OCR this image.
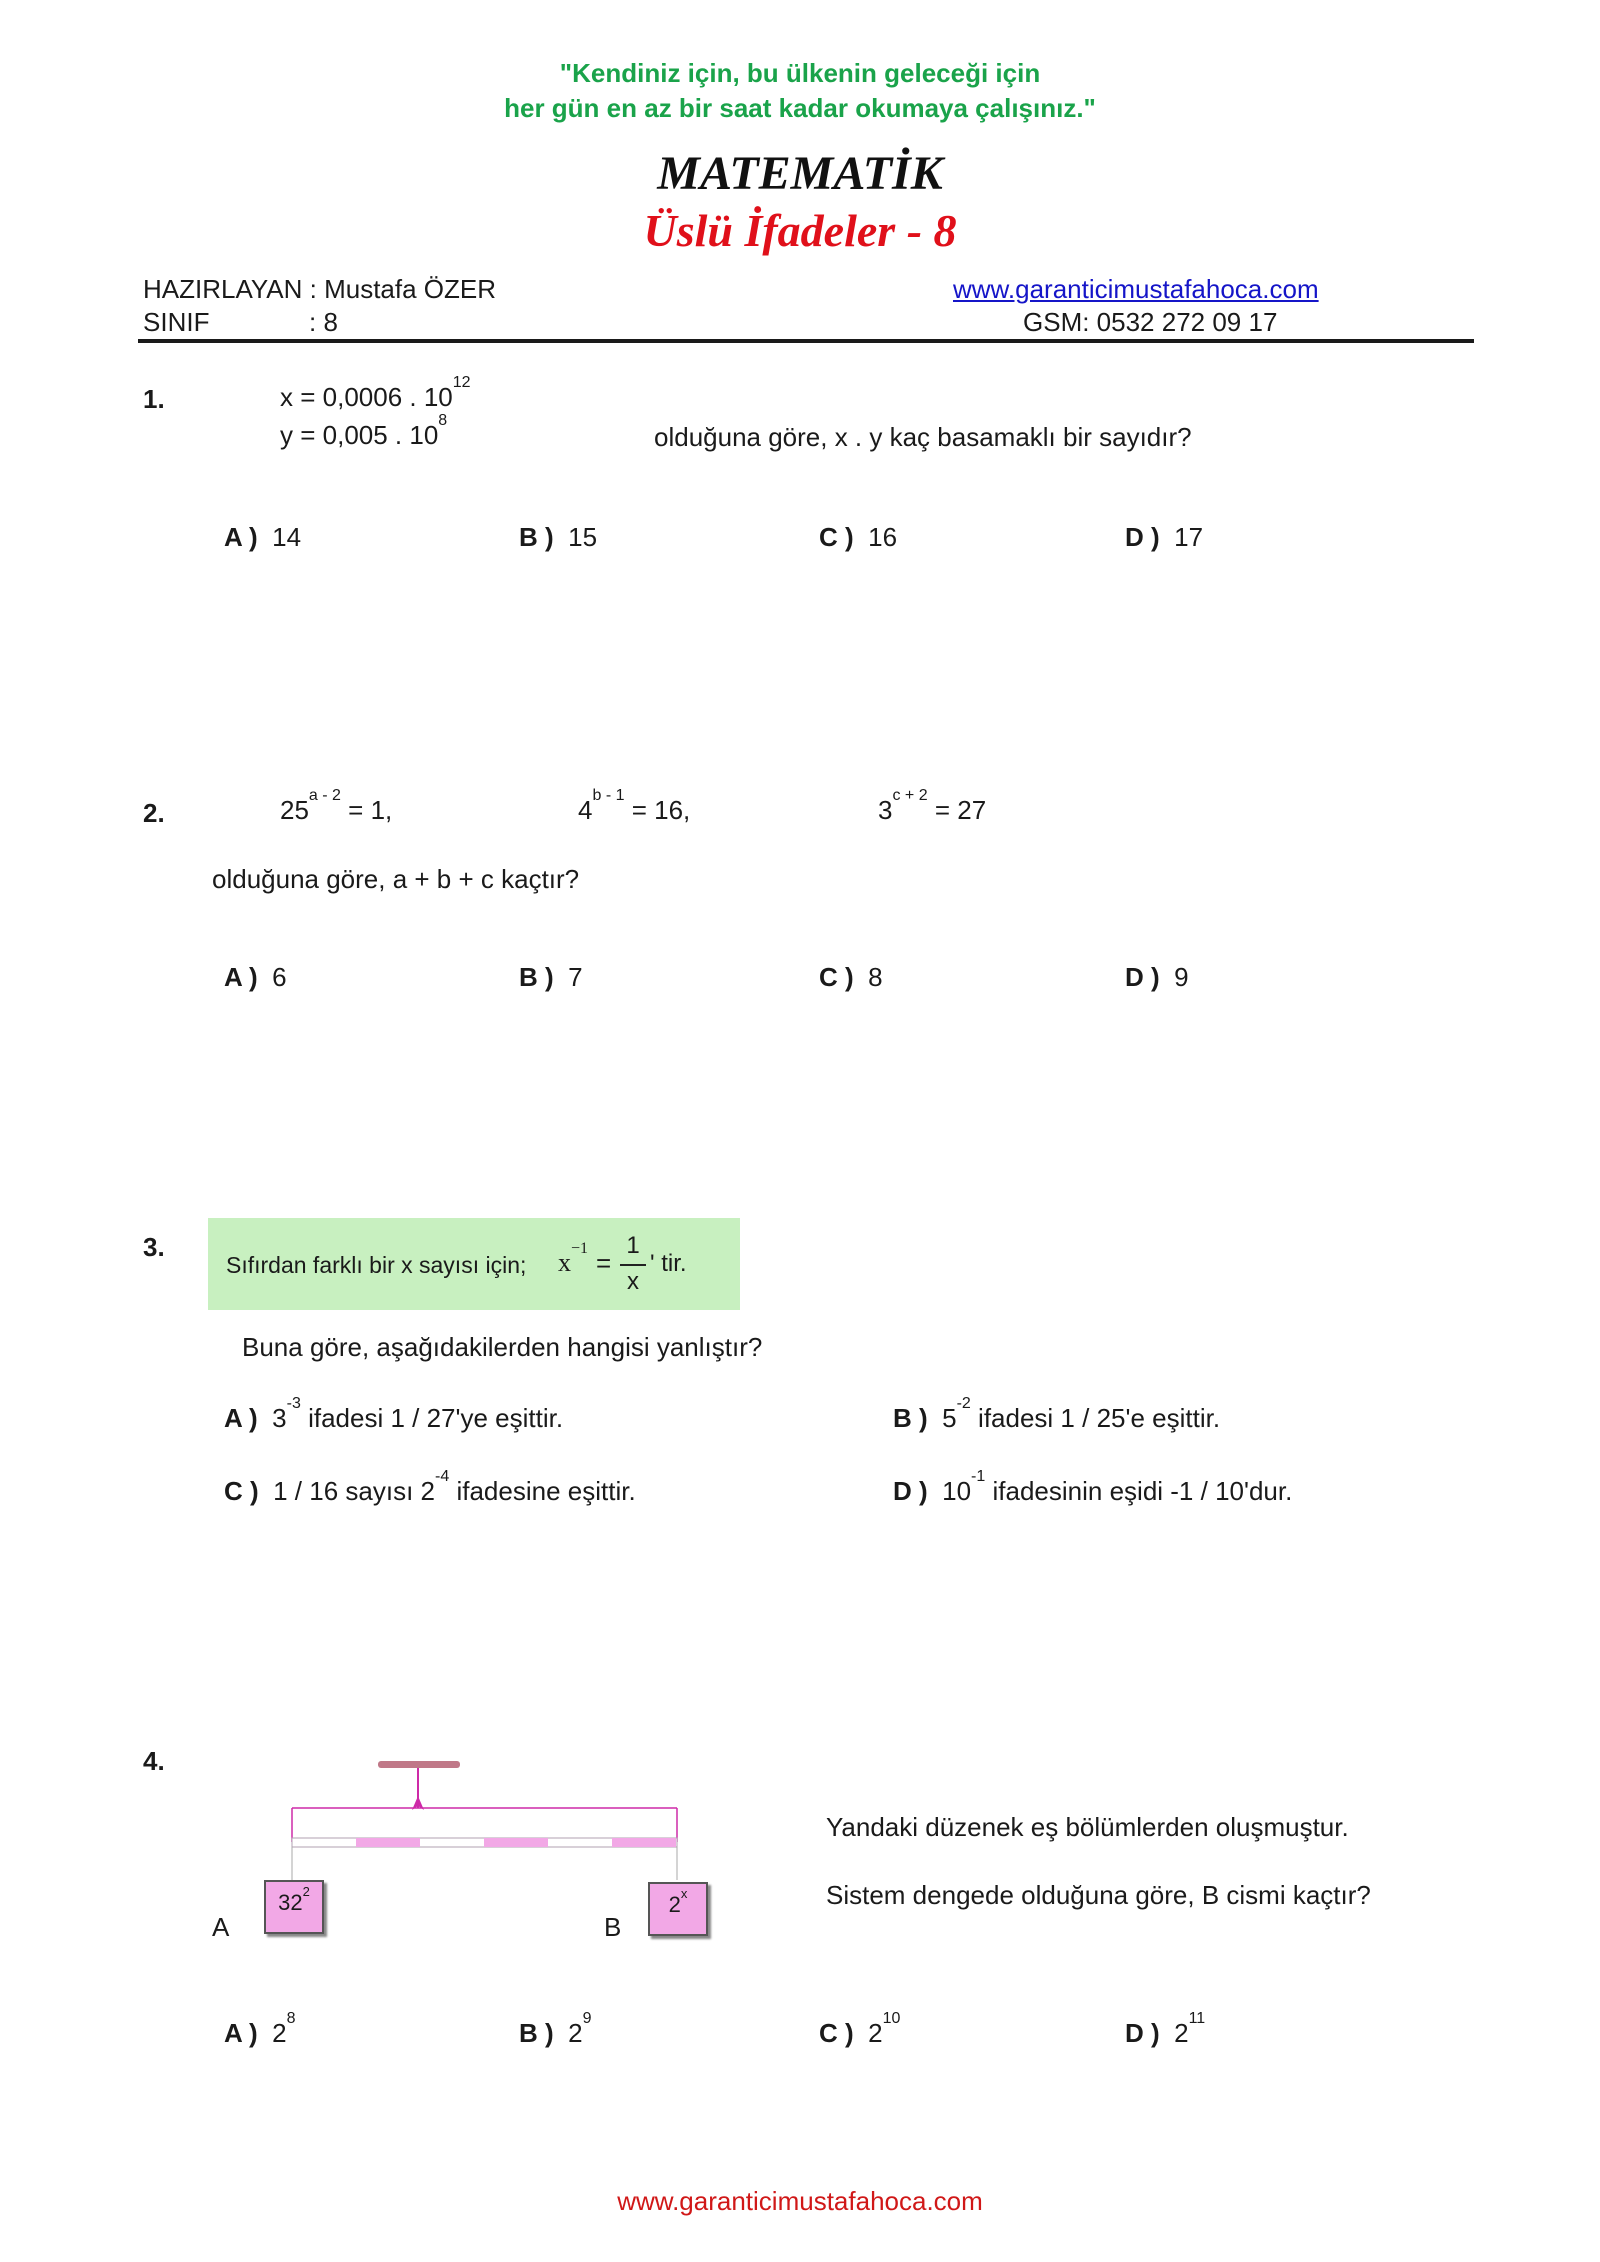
"Kendiniz için, bu ülkenin geleceği için
her gün en az bir saat kadar okumaya çalışınız."
MATEMATİK
Üslü İfadeler - 8
HAZIRLAYAN : Mustafa ÖZER
SINIF	: 8
www.garanticimustafahoca.com
GSM: 0532 272 09 17
1.	x = 0,0006 . $10^{12}$
y = 0,005 . $10^8$
olduğuna göre, x . y kaç basamaklı bir sayıdır?
A ) 14	B ) 15	C ) 16	D ) 17
2.	$25^{a - 2} = 1$,	$4^{b - 1} = 16$,	$3^{c + 2} = 27$
olduğuna göre, a + b + c kaçtır?
A ) 6	B ) 7	C ) 8	D ) 9
3.
Sıfırdan farklı bir x sayısı için; $x^{-1}$ =
1
x
' tir.
Buna göre, aşağıdakilerden hangisi yanlıştır?
A ) $3^{-3}$ ifadesi 1 / 27'ye eşittir.	B ) $5^{-2}$ ifadesi 1 / 25'e eşittir.
C ) 1 / 16 sayısı $2^{-4}$ ifadesine eşittir.	D ) $10^{-1}$ ifadesinin eşidi -1 / 10'dur.
4.
$32^2$
2$^x$
A	B
Yandaki düzenek eş bölümlerden oluşmuştur.
Sistem dengede olduğuna göre, B cismi kaçtır?
A ) $2^8$	B ) $2^9$	C ) $2^{10}$	D ) $2^{11}$
www.garanticimustafahoca.com
